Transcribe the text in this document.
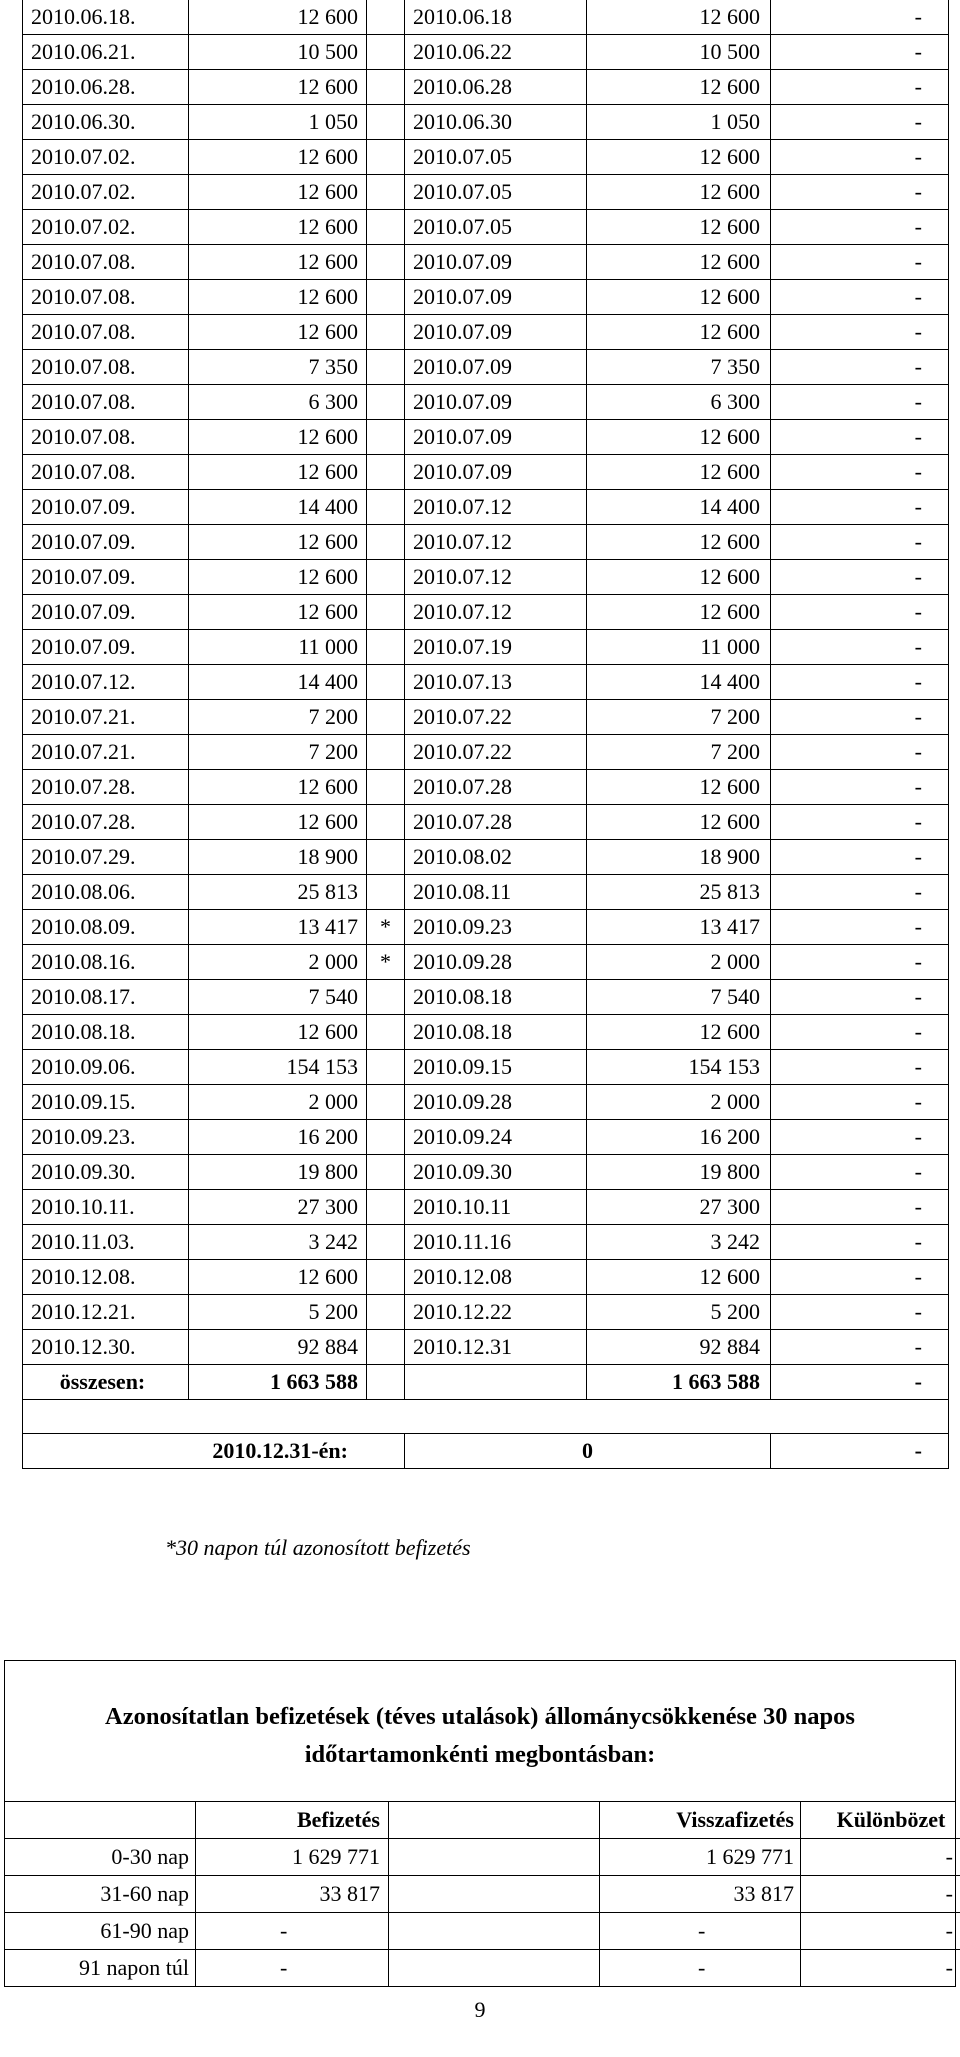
2010.06.18.	12 600		2010.06.18	12 600	-
2010.06.21.	10 500		2010.06.22	10 500	-
2010.06.28.	12 600		2010.06.28	12 600	-
2010.06.30.	1 050		2010.06.30	1 050	-
2010.07.02.	12 600		2010.07.05	12 600	-
2010.07.02.	12 600		2010.07.05	12 600	-
2010.07.02.	12 600		2010.07.05	12 600	-
2010.07.08.	12 600		2010.07.09	12 600	-
2010.07.08.	12 600		2010.07.09	12 600	-
2010.07.08.	12 600		2010.07.09	12 600	-
2010.07.08.	7 350		2010.07.09	7 350	-
2010.07.08.	6 300		2010.07.09	6 300	-
2010.07.08.	12 600		2010.07.09	12 600	-
2010.07.08.	12 600		2010.07.09	12 600	-
2010.07.09.	14 400		2010.07.12	14 400	-
2010.07.09.	12 600		2010.07.12	12 600	-
2010.07.09.	12 600		2010.07.12	12 600	-
2010.07.09.	12 600		2010.07.12	12 600	-
2010.07.09.	11 000		2010.07.19	11 000	-
2010.07.12.	14 400		2010.07.13	14 400	-
2010.07.21.	7 200		2010.07.22	7 200	-
2010.07.21.	7 200		2010.07.22	7 200	-
2010.07.28.	12 600		2010.07.28	12 600	-
2010.07.28.	12 600		2010.07.28	12 600	-
2010.07.29.	18 900		2010.08.02	18 900	-
2010.08.06.	25 813		2010.08.11	25 813	-
2010.08.09.	13 417	*	2010.09.23	13 417	-
2010.08.16.	2 000	*	2010.09.28	2 000	-
2010.08.17.	7 540		2010.08.18	7 540	-
2010.08.18.	12 600		2010.08.18	12 600	-
2010.09.06.	154 153		2010.09.15	154 153	-
2010.09.15.	2 000		2010.09.28	2 000	-
2010.09.23.	16 200		2010.09.24	16 200	-
2010.09.30.	19 800		2010.09.30	19 800	-
2010.10.11.	27 300		2010.10.11	27 300	-
2010.11.03.	3 242		2010.11.16	3 242	-
2010.12.08.	12 600		2010.12.08	12 600	-
2010.12.21.	5 200		2010.12.22	5 200	-
2010.12.30.	92 884		2010.12.31	92 884	-
összesen:	1 663 588			1 663 588	-

2010.12.31-én:			0		-
*30 napon túl azonosított befizetés
Azonosítatlan befizetések (téves utalások) állománycsökkenése 30 napos időtartamonkénti megbontásban:
	Befizetés		Visszafizetés	Különbözet
0-30 nap	1 629 771		1 629 771	-
31-60 nap	33 817		33 817	-
61-90 nap	-		-	-
91 napon túl	-		-	-
9
